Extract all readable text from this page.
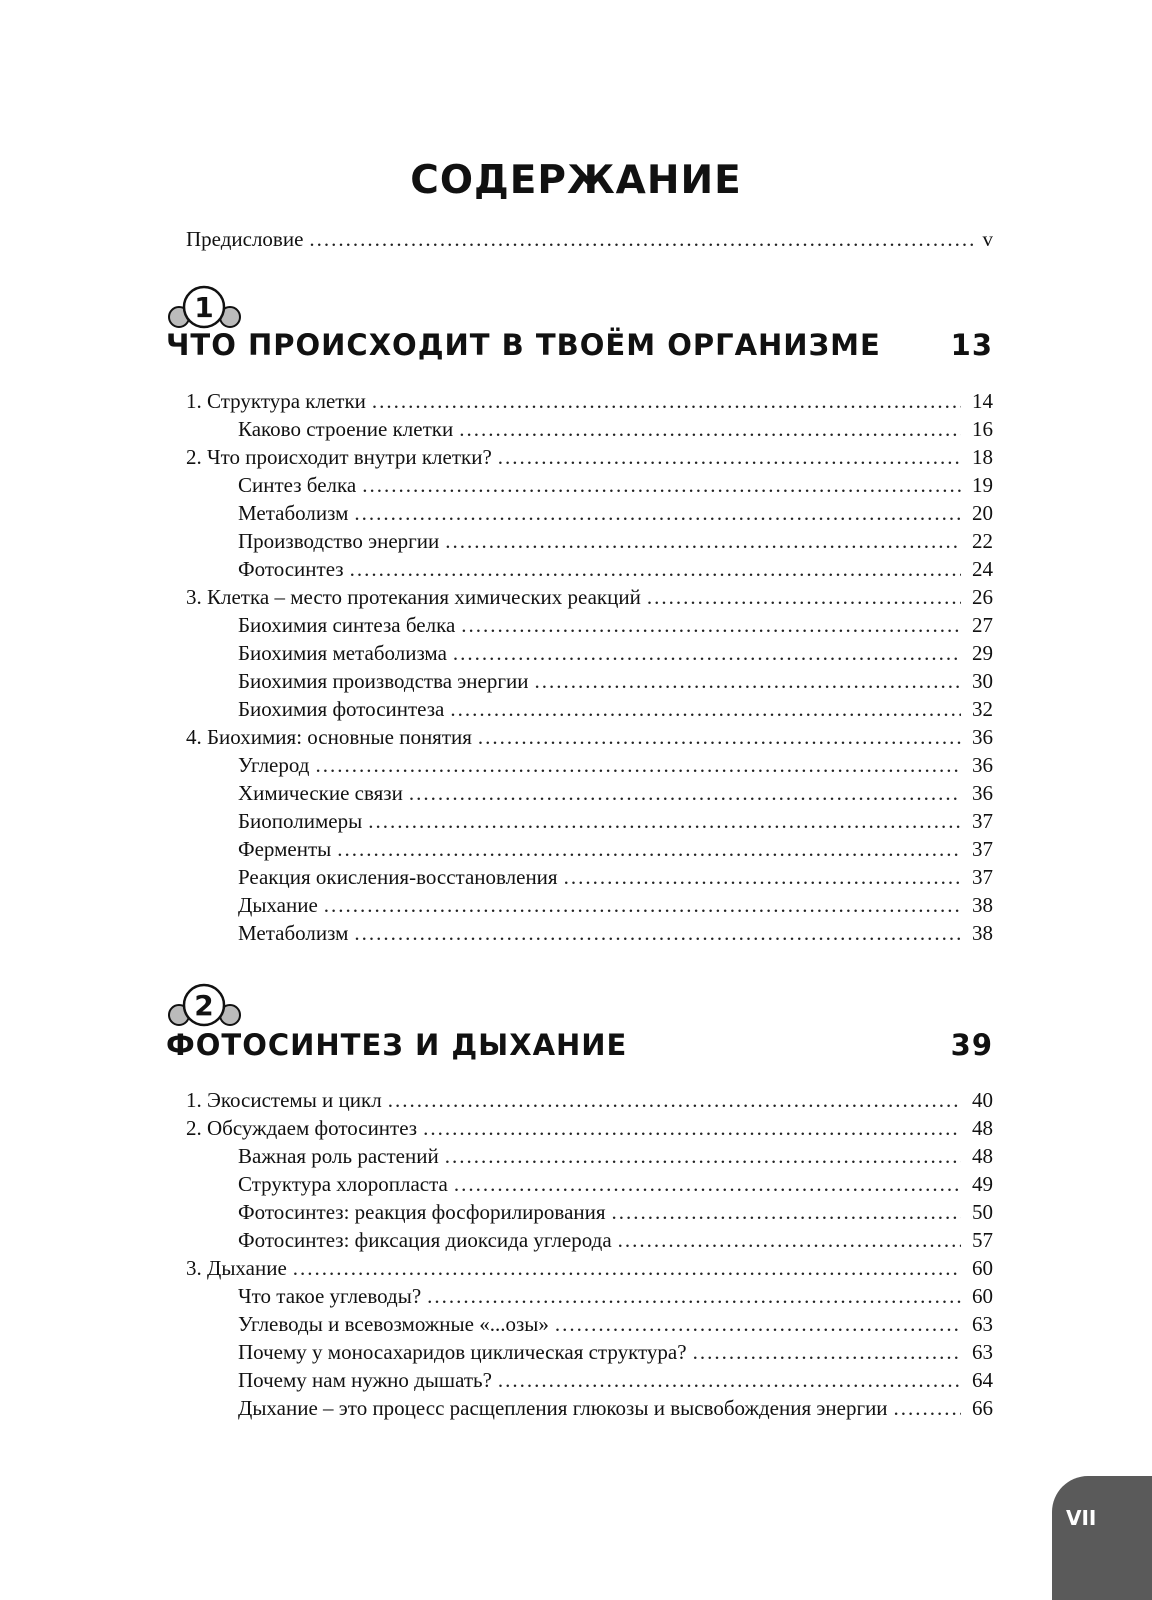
СОДЕРЖАНИЕ
Предисловие .....	v
1
ЧТО ПРОИСХОДИТ В ТВОЁМ ОРГАНИЗМЕ 13
1. Структура клетки .....	14
Каково строение клетки .....	16
2. Что происходит внутри клетки? .....	18
Синтез белка .....	19
Метаболизм .....	20
Производство энергии .....	22
Фотосинтез .....	24
3. Клетка – место протекания химических реакций .....	26
Биохимия синтеза белка .....	27
Биохимия метаболизма .....	29
Биохимия производства энергии .....	30
Биохимия фотосинтеза .....	32
4. Биохимия: основные понятия .....	36
Углерод .....	36
Химические связи .....	36
Биополимеры .....	37
Ферменты .....	37
Реакция окисления-восстановления .....	37
Дыхание .....	38
Метаболизм .....	38
2
ФОТОСИНТЕЗ И ДЫХАНИЕ	39
1. Экосистемы и цикл .....	40
2. Обсуждаем фотосинтез .....	48
Важная роль растений .....	48
Структура хлоропласта .....	49
Фотосинтез: реакция фосфорилирования .....	50
Фотосинтез: фиксация диоксида углерода .....	57
3. Дыхание .....	60
Что такое углеводы? .....	60
Углеводы и всевозможные «...озы» .....	63
Почему у моносахаридов циклическая структура? .....	63
Почему нам нужно дышать? .....	64
Дыхание – это процесс расщепления глюкозы и высвобождения энергии .....	66
VII
